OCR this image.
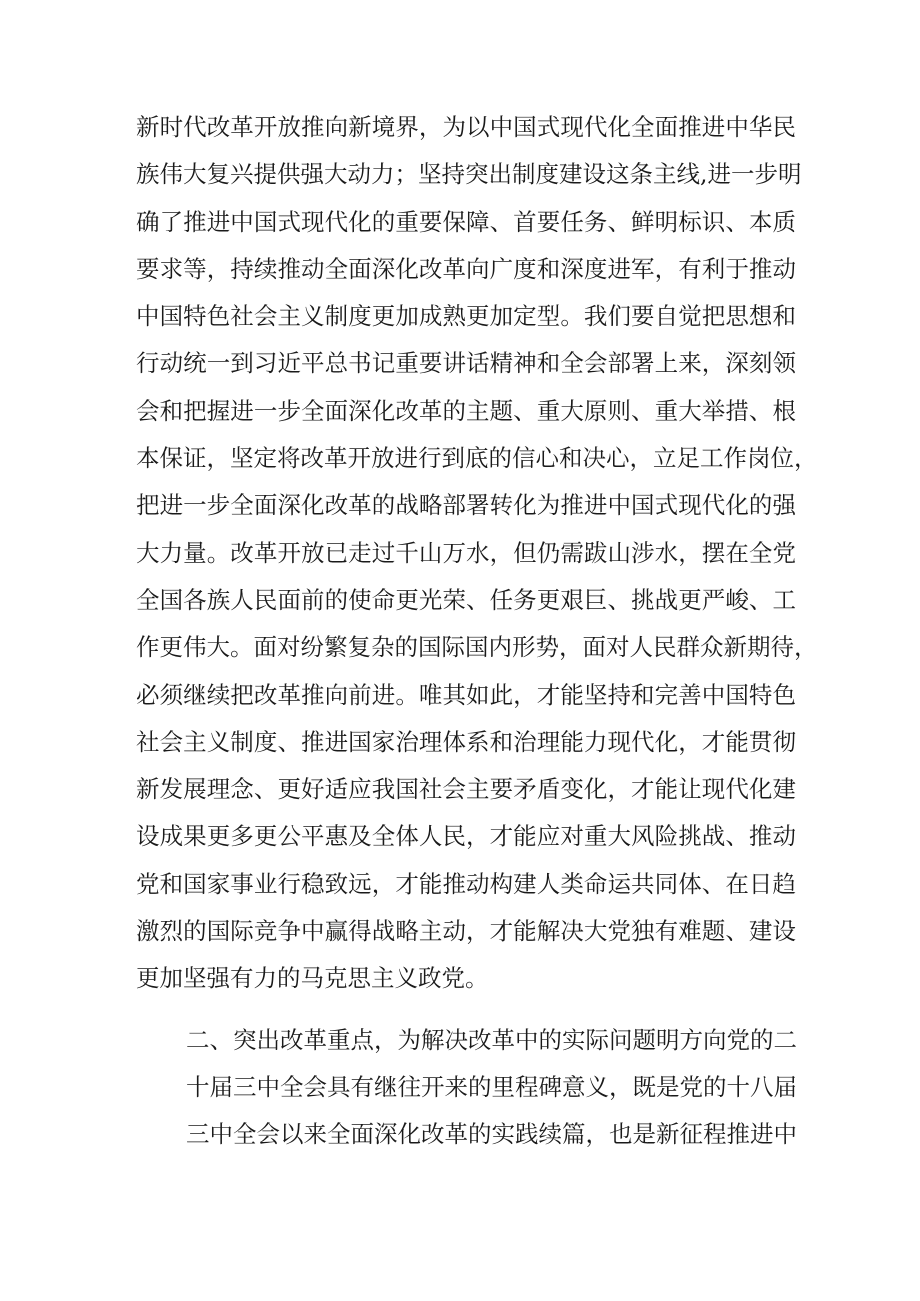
新时代改革开放推向新境界，为以中国式现代化全面推进中华民
族伟大复兴提供强大动力；坚持突出制度建设这条主线,进一步明
确了推进中国式现代化的重要保障、首要任务、鲜明标识、本质
要求等，持续推动全面深化改革向广度和深度进军，有利于推动
中国特色社会主义制度更加成熟更加定型。我们要自觉把思想和
行动统一到习近平总书记重要讲话精神和全会部署上来，深刻领
会和把握进一步全面深化改革的主题、重大原则、重大举措、根
本保证，坚定将改革开放进行到底的信心和决心，立足工作岗位，
把进一步全面深化改革的战略部署转化为推进中国式现代化的强
大力量。改革开放已走过千山万水，但仍需跋山涉水，摆在全党
全国各族人民面前的使命更光荣、任务更艰巨、挑战更严峻、工
作更伟大。面对纷繁复杂的国际国内形势，面对人民群众新期待，
必须继续把改革推向前进。唯其如此，才能坚持和完善中国特色
社会主义制度、推进国家治理体系和治理能力现代化，才能贯彻
新发展理念、更好适应我国社会主要矛盾变化，才能让现代化建
设成果更多更公平惠及全体人民，才能应对重大风险挑战、推动
党和国家事业行稳致远，才能推动构建人类命运共同体、在日趋
激烈的国际竞争中赢得战略主动，才能解决大党独有难题、建设
更加坚强有力的马克思主义政党。
二、突出改革重点，为解决改革中的实际问题明方向党的二
十届三中全会具有继往开来的里程碑意义，既是党的十八届
三中全会以来全面深化改革的实践续篇，也是新征程推进中
